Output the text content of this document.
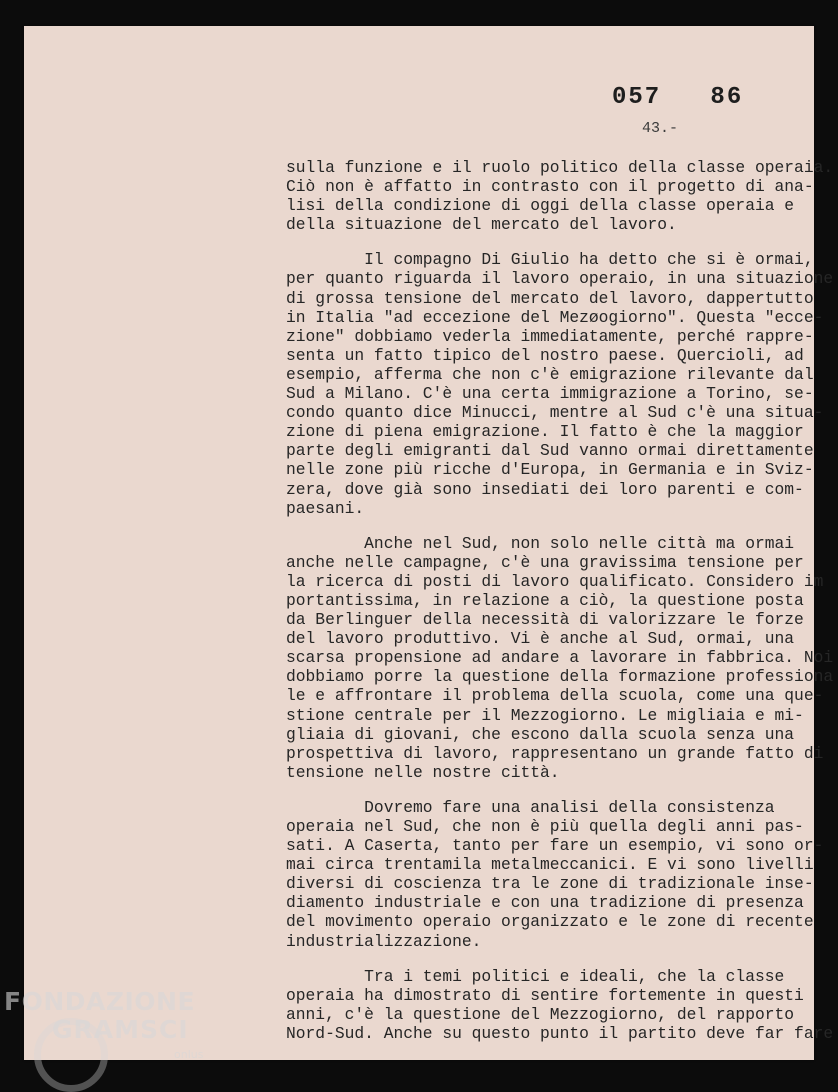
057   86
43.-

sulla funzione e il ruolo politico della classe operaia.
Ciò non è affatto in contrasto con il progetto di ana-
lisi della condizione di oggi della classe operaia e
della situazione del mercato del lavoro.

Il compagno Di Giulio ha detto che si è ormai,
per quanto riguarda il lavoro operaio, in una situazione
di grossa tensione del mercato del lavoro, dappertutto
in Italia "ad eccezione del Mezøogiorno". Questa "ecce-
zione" dobbiamo vederla immediatamente, perché rappre-
senta un fatto tipico del nostro paese. Quercioli, ad
esempio, afferma che non c'è emigrazione rilevante dal
Sud a Milano. C'è una certa immigrazione a Torino, se-
condo quanto dice Minucci, mentre al Sud c'è una situa-
zione di piena emigrazione. Il fatto è che la maggior
parte degli emigranti dal Sud vanno ormai direttamente
nelle zone più ricche d'Europa, in Germania e in Sviz-
zera, dove già sono insediati dei loro parenti e com-
paesani.

Anche nel Sud, non solo nelle città ma ormai
anche nelle campagne, c'è una gravissima tensione per
la ricerca di posti di lavoro qualificato. Considero im
portantissima, in relazione a ciò, la questione posta
da Berlinguer della necessità di valorizzare le forze
del lavoro produttivo. Vi è anche al Sud, ormai, una
scarsa propensione ad andare a lavorare in fabbrica. Noi
dobbiamo porre la questione della formazione professiona
le e affrontare il problema della scuola, come una que-
stione centrale per il Mezzogiorno. Le migliaia e mi-
gliaia di giovani, che escono dalla scuola senza una
prospettiva di lavoro, rappresentano un grande fatto di
tensione nelle nostre città.

Dovremo fare una analisi della consistenza
operaia nel Sud, che non è più quella degli anni pas-
sati. A Caserta, tanto per fare un esempio, vi sono or-
mai circa trentamila metalmeccanici. E vi sono livelli
diversi di coscienza tra le zone di tradizionale inse-
diamento industriale e con una tradizione di presenza
del movimento operaio organizzato e le zone di recente
industrializzazione.

Tra i temi politici e ideali, che la classe
operaia ha dimostrato di sentire fortemente in questi
anni, c'è la questione del Mezzogiorno, del rapporto
Nord-Sud. Anche su questo punto il partito deve far fare

FONDAZIONE
GRAMSCI
onlus
